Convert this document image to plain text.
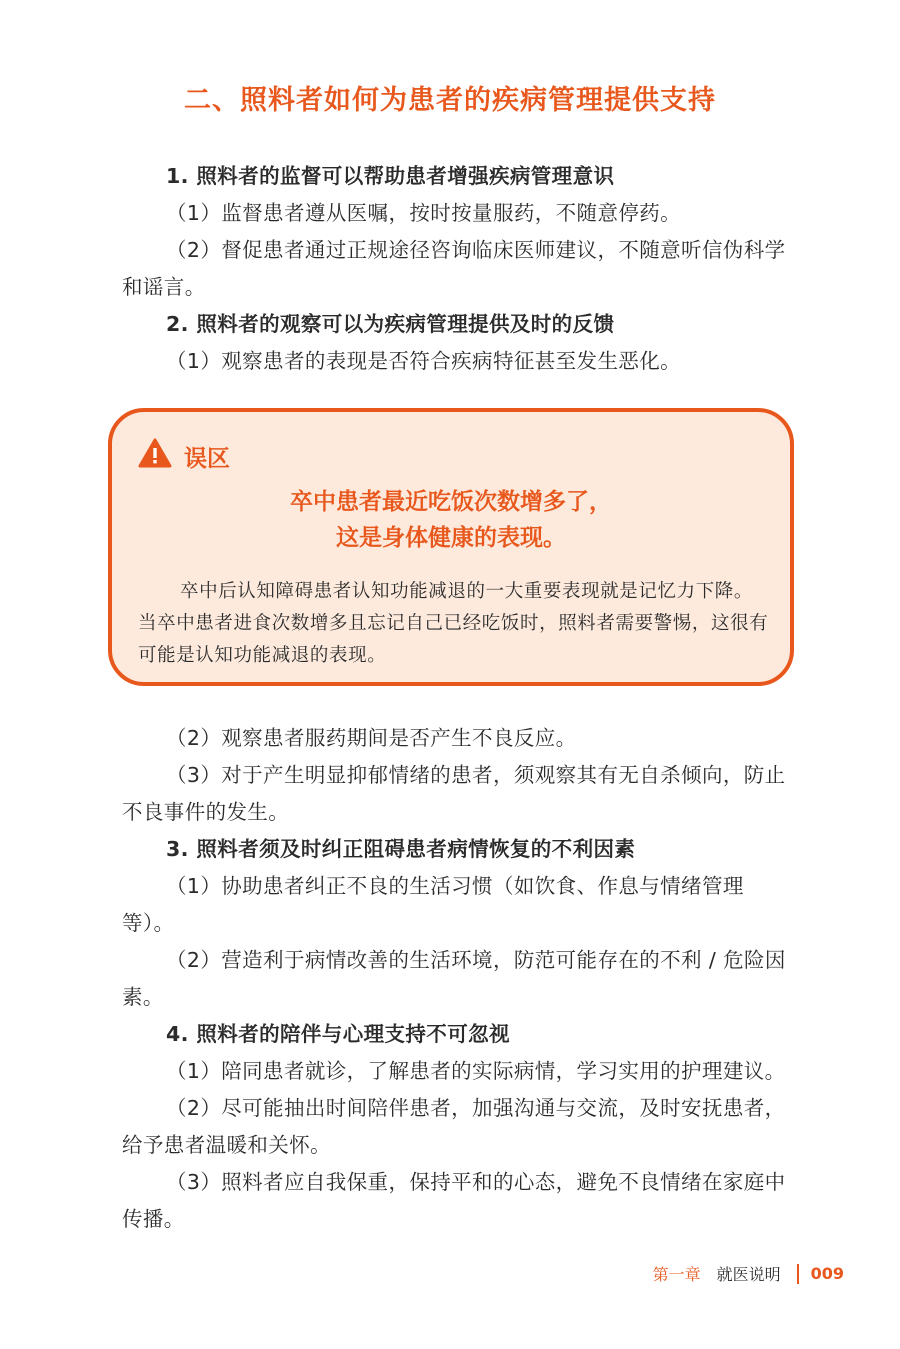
二、照料者如何为患者的疾病管理提供支持
1. 照料者的监督可以帮助患者增强疾病管理意识
（1）监督患者遵从医嘱，按时按量服药，不随意停药。
（2）督促患者通过正规途径咨询临床医师建议，不随意听信伪科学和谣言。
2. 照料者的观察可以为疾病管理提供及时的反馈
（1）观察患者的表现是否符合疾病特征甚至发生恶化。
误区
卒中患者最近吃饭次数增多了，
这是身体健康的表现。
卒中后认知障碍患者认知功能减退的一大重要表现就是记忆力下降。当卒中患者进食次数增多且忘记自己已经吃饭时，照料者需要警惕，这很有可能是认知功能减退的表现。
（2）观察患者服药期间是否产生不良反应。
（3）对于产生明显抑郁情绪的患者，须观察其有无自杀倾向，防止不良事件的发生。
3. 照料者须及时纠正阻碍患者病情恢复的不利因素
（1）协助患者纠正不良的生活习惯（如饮食、作息与情绪管理等）。
（2）营造利于病情改善的生活环境，防范可能存在的不利 / 危险因素。
4. 照料者的陪伴与心理支持不可忽视
（1）陪同患者就诊，了解患者的实际病情，学习实用的护理建议。
（2）尽可能抽出时间陪伴患者，加强沟通与交流，及时安抚患者，给予患者温暖和关怀。
（3）照料者应自我保重，保持平和的心态，避免不良情绪在家庭中传播。
第一章 就医说明 009
